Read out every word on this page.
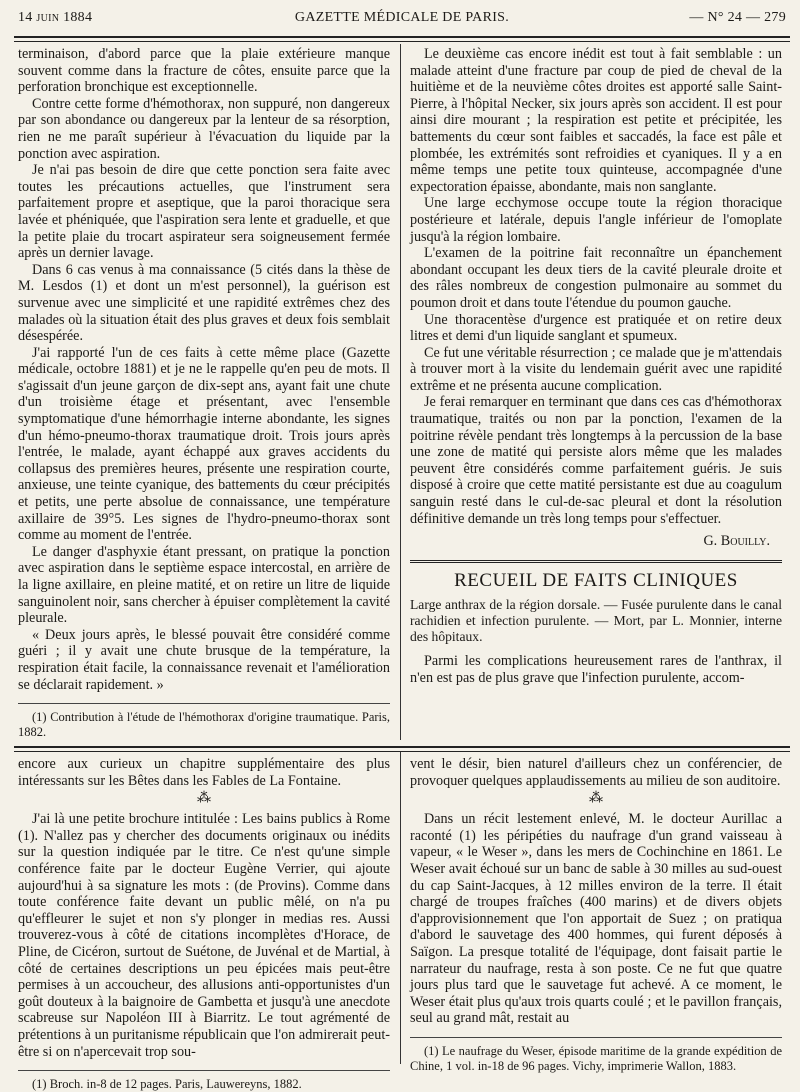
14 juin 1884	GAZETTE MÉDICALE DE PARIS.	— N° 24 — 279

terminaison, d'abord parce que la plaie extérieure manque souvent comme dans la fracture de côtes, ensuite parce que la perforation bronchique est exceptionnelle.

Contre cette forme d'hémothorax, non suppuré, non dangereux par son abondance ou dangereux par la lenteur de sa résorption, rien ne me paraît supérieur à l'évacuation du liquide par la ponction avec aspiration.

Je n'ai pas besoin de dire que cette ponction sera faite avec toutes les précautions actuelles, que l'instrument sera parfaitement propre et aseptique, que la paroi thoracique sera lavée et phéniquée, que l'aspiration sera lente et graduelle, et que la petite plaie du trocart aspirateur sera soigneusement fermée après un dernier lavage.

Dans 6 cas venus à ma connaissance (5 cités dans la thèse de M. Lesdos (1) et dont un m'est personnel), la guérison est survenue avec une simplicité et une rapidité extrêmes chez des malades où la situation était des plus graves et deux fois semblait désespérée.

J'ai rapporté l'un de ces faits à cette même place (Gazette médicale, octobre 1881) et je ne le rappelle qu'en peu de mots. Il s'agissait d'un jeune garçon de dix-sept ans, ayant fait une chute d'un troisième étage et présentant, avec l'ensemble symptomatique d'une hémorrhagie interne abondante, les signes d'un hémo-pneumo-thorax traumatique droit. Trois jours après l'entrée, le malade, ayant échappé aux graves accidents du collapsus des premières heures, présente une respiration courte, anxieuse, une teinte cyanique, des battements du cœur précipités et petits, une perte absolue de connaissance, une température axillaire de 39°5. Les signes de l'hydro-pneumo-thorax sont comme au moment de l'entrée.

Le danger d'asphyxie étant pressant, on pratique la ponction avec aspiration dans le septième espace intercostal, en arrière de la ligne axillaire, en pleine matité, et on retire un litre de liquide sanguinolent noir, sans chercher à épuiser complètement la cavité pleurale.

« Deux jours après, le blessé pouvait être considéré comme guéri ; il y avait une chute brusque de la température, la respiration était facile, la connaissance revenait et l'amélioration se déclarait rapidement. »

(1) Contribution à l'étude de l'hémothorax d'origine traumatique. Paris, 1882.

Le deuxième cas encore inédit est tout à fait semblable : un malade atteint d'une fracture par coup de pied de cheval de la huitième et de la neuvième côtes droites est apporté salle Saint-Pierre, à l'hôpital Necker, six jours après son accident. Il est pour ainsi dire mourant ; la respiration est petite et précipitée, les battements du cœur sont faibles et saccadés, la face est pâle et plombée, les extrémités sont refroidies et cyaniques. Il y a en même temps une petite toux quinteuse, accompagnée d'une expectoration épaisse, abondante, mais non sanglante.

Une large ecchymose occupe toute la région thoracique postérieure et latérale, depuis l'angle inférieur de l'omoplate jusqu'à la région lombaire.

L'examen de la poitrine fait reconnaître un épanchement abondant occupant les deux tiers de la cavité pleurale droite et des râles nombreux de congestion pulmonaire au sommet du poumon droit et dans toute l'étendue du poumon gauche.

Une thoracentèse d'urgence est pratiquée et on retire deux litres et demi d'un liquide sanglant et spumeux.

Ce fut une véritable résurrection ; ce malade que je m'attendais à trouver mort à la visite du lendemain guérit avec une rapidité extrême et ne présenta aucune complication.

Je ferai remarquer en terminant que dans ces cas d'hémothorax traumatique, traités ou non par la ponction, l'examen de la poitrine révèle pendant très longtemps à la percussion de la base une zone de matité qui persiste alors même que les malades peuvent être considérés comme parfaitement guéris. Je suis disposé à croire que cette matité persistante est due au coagulum sanguin resté dans le cul-de-sac pleural et dont la résolution définitive demande un très long temps pour s'effectuer.

G. Bouilly.
RECUEIL DE FAITS CLINIQUES
Large anthrax de la région dorsale. — Fusée purulente dans le canal rachidien et infection purulente. — Mort, par L. Monnier, interne des hôpitaux.

Parmi les complications heureusement rares de l'anthrax, il n'en est pas de plus grave que l'infection purulente, accom-

encore aux curieux un chapitre supplémentaire des plus intéressants sur les Bêtes dans les Fables de La Fontaine.

⁂

J'ai là une petite brochure intitulée : Les bains publics à Rome (1). N'allez pas y chercher des documents originaux ou inédits sur la question indiquée par le titre. Ce n'est qu'une simple conférence faite par le docteur Eugène Verrier, qui ajoute aujourd'hui à sa signature les mots : (de Provins). Comme dans toute conférence faite devant un public mêlé, on n'a pu qu'effleurer le sujet et non s'y plonger in medias res. Aussi trouverez-vous à côté de citations incomplètes d'Horace, de Pline, de Cicéron, surtout de Suétone, de Juvénal et de Martial, à côté de certaines descriptions un peu épicées mais peut-être permises à un accoucheur, des allusions anti-opportunistes d'un goût douteux à la baignoire de Gambetta et jusqu'à une anecdote scabreuse sur Napoléon III à Biarritz. Le tout agrémenté de prétentions à un puritanisme républicain que l'on admirerait peut-être si on n'apercevait trop sou-

(1) Broch. in-8 de 12 pages. Paris, Lauwereyns, 1882.

vent le désir, bien naturel d'ailleurs chez un conférencier, de provoquer quelques applaudissements au milieu de son auditoire.

⁂

Dans un récit lestement enlevé, M. le docteur Aurillac a raconté (1) les péripéties du naufrage d'un grand vaisseau à vapeur, « le Weser », dans les mers de Cochinchine en 1861. Le Weser avait échoué sur un banc de sable à 30 milles au sud-ouest du cap Saint-Jacques, à 12 milles environ de la terre. Il était chargé de troupes fraîches (400 marins) et de divers objets d'approvisionnement que l'on apportait de Suez ; on pratiqua d'abord le sauvetage des 400 hommes, qui furent déposés à Saïgon. La presque totalité de l'équipage, dont faisait partie le narrateur du naufrage, resta à son poste. Ce ne fut que quatre jours plus tard que le sauvetage fut achevé. A ce moment, le Weser était plus qu'aux trois quarts coulé ; et le pavillon français, seul au grand mât, restait au

(1) Le naufrage du Weser, épisode maritime de la grande expédition de Chine, 1 vol. in-18 de 96 pages. Vichy, imprimerie Wallon, 1883.
